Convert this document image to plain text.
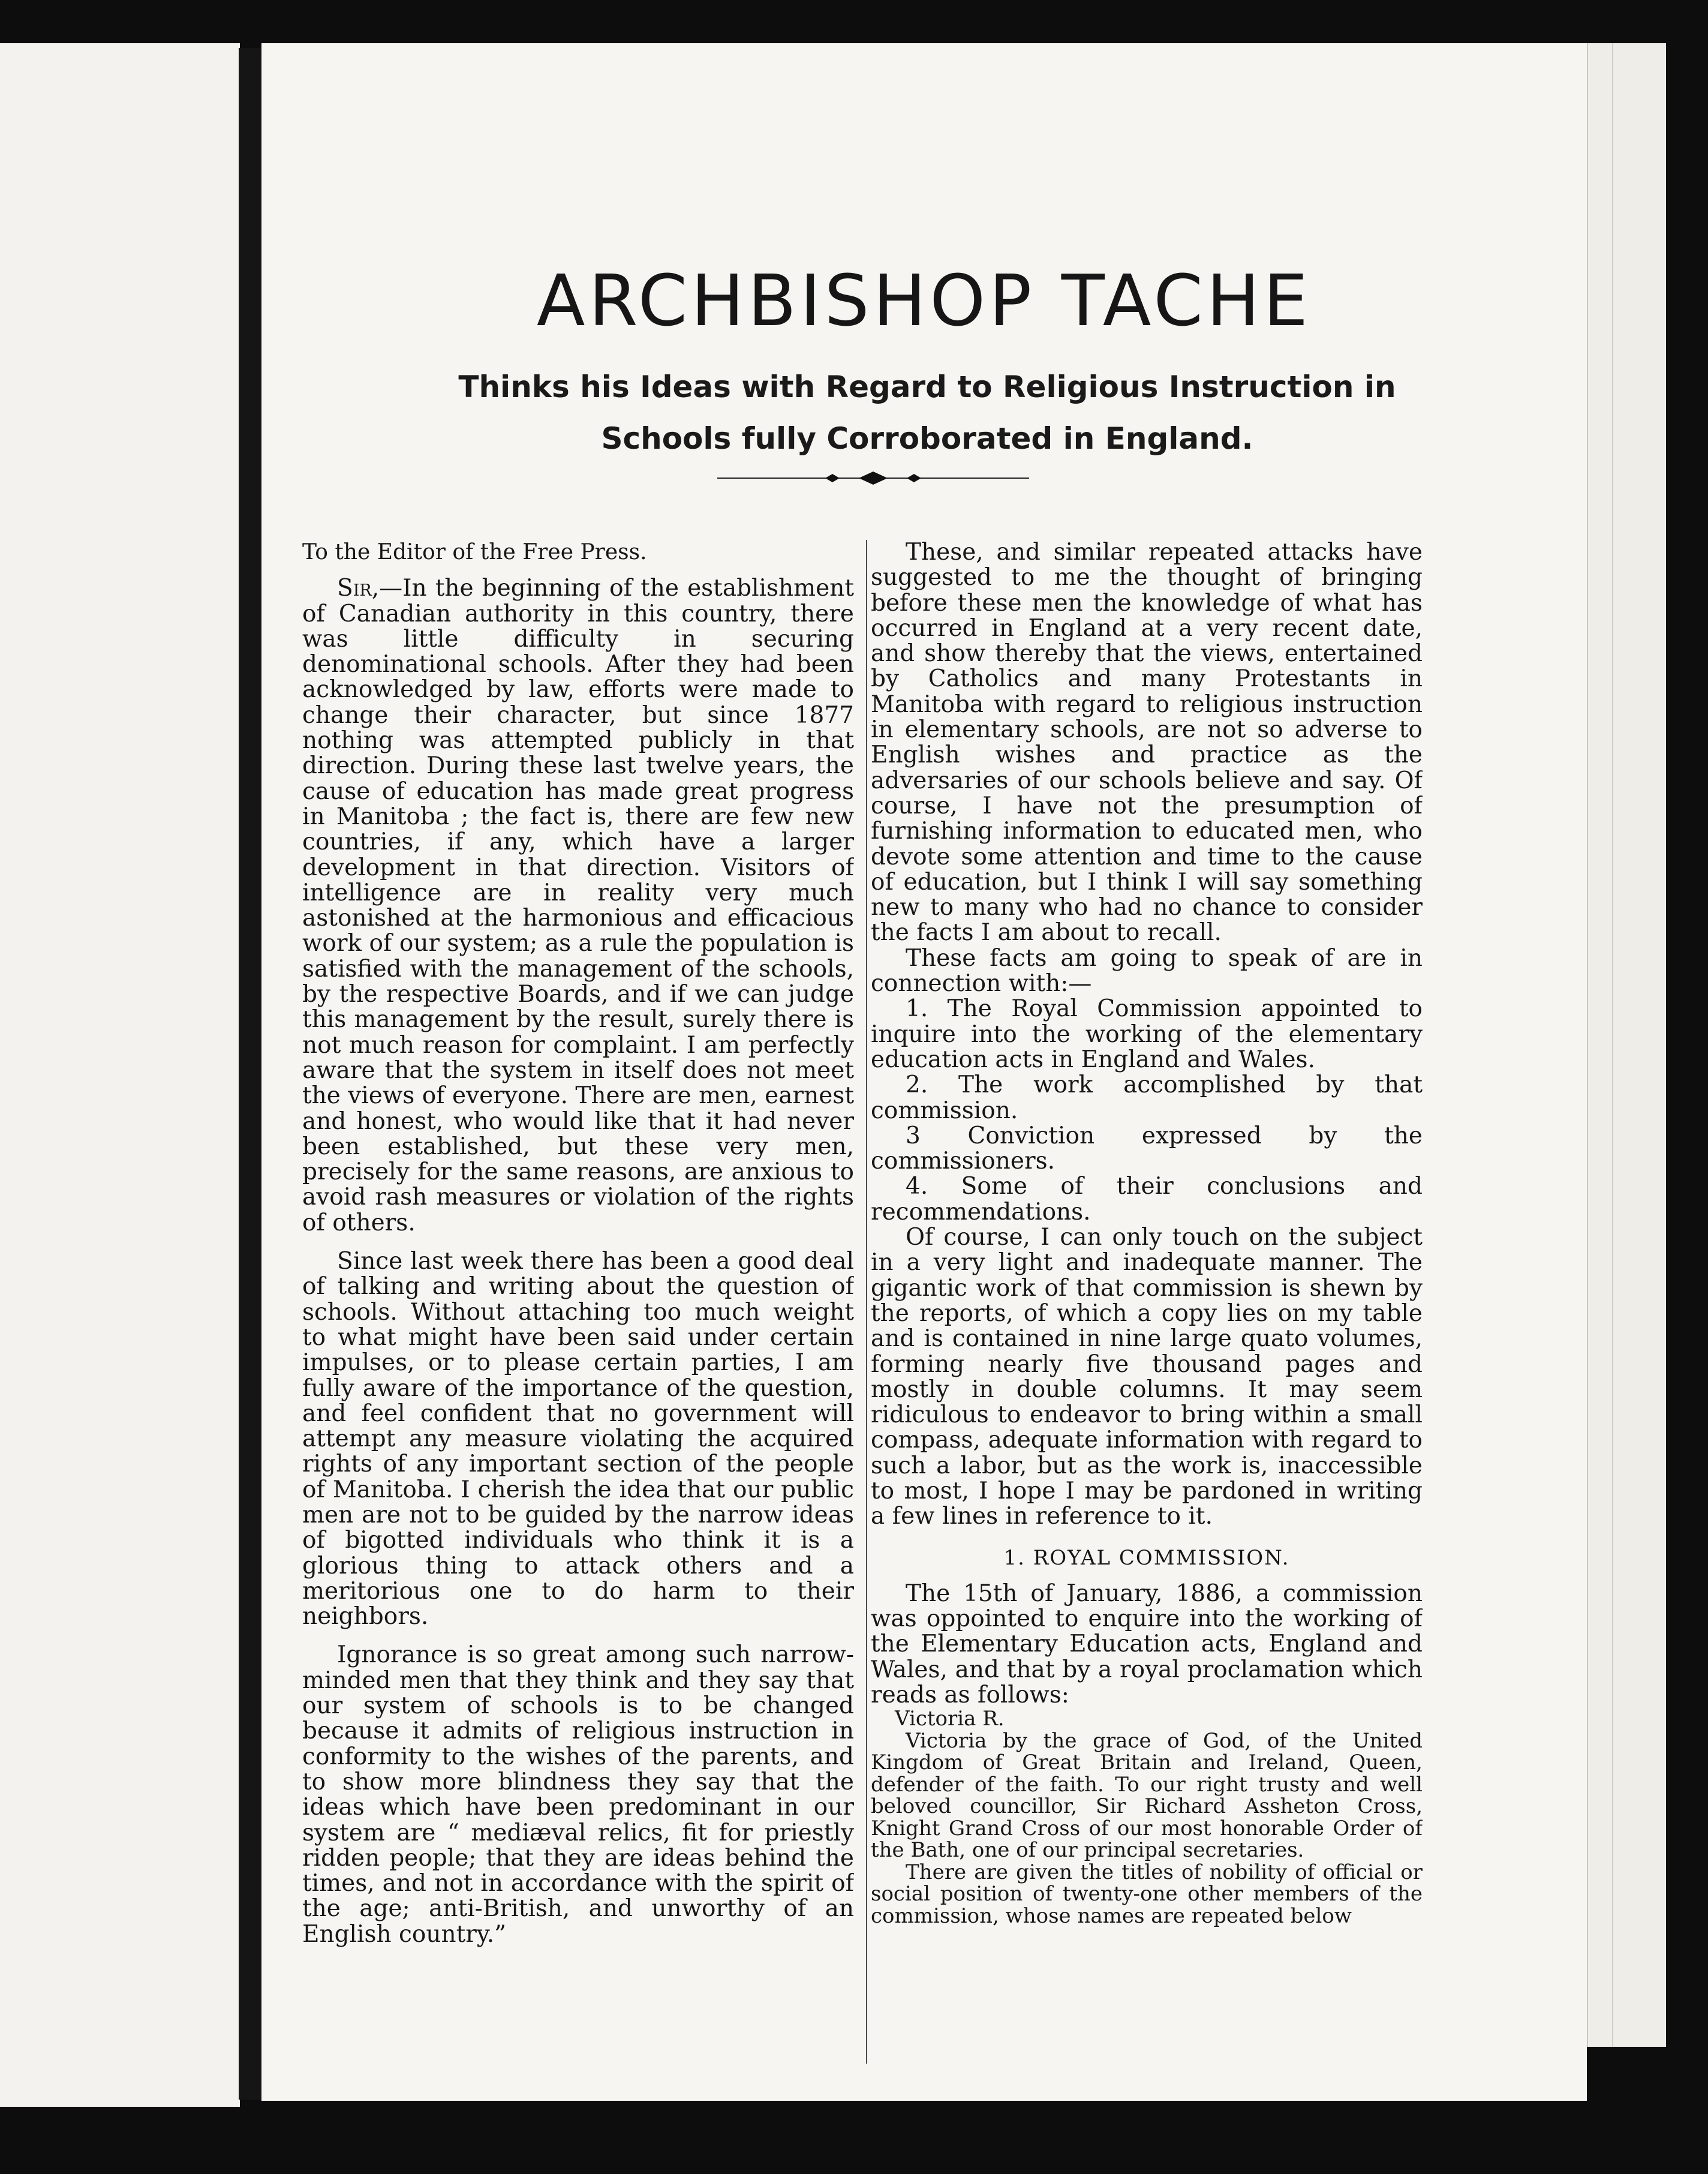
ARCHBISHOP TACHE
Thinks his Ideas with Regard to Religious Instruction in
Schools fully Corroborated in England.

To the Editor of the Free Press.

Sir,—In the beginning of the establishment of Canadian authority in this country, there was little difficulty in securing denominational schools. After they had been acknowledged by law, efforts were made to change their character, but since 1877 nothing was attempted publicly in that direction. During these last twelve years, the cause of education has made great progress in Manitoba ; the fact is, there are few new countries, if any, which have a larger development in that direction. Visitors of intelligence are in reality very much astonished at the harmonious and efficacious work of our system; as a rule the population is satisfied with the management of the schools, by the respective Boards, and if we can judge this management by the result, surely there is not much reason for complaint. I am perfectly aware that the system in itself does not meet the views of everyone. There are men, earnest and honest, who would like that it had never been established, but these very men, precisely for the same reasons, are anxious to avoid rash measures or violation of the rights of others.

Since last week there has been a good deal of talking and writing about the question of schools. Without attaching too much weight to what might have been said under certain impulses, or to please certain parties, I am fully aware of the importance of the question, and feel confident that no government will attempt any measure violating the acquired rights of any important section of the people of Manitoba. I cherish the idea that our public men are not to be guided by the narrow ideas of bigotted individuals who think it is a glorious thing to attack others and a meritorious one to do harm to their neighbors.

Ignorance is so great among such narrow-minded men that they think and they say that our system of schools is to be changed because it admits of religious instruction in conformity to the wishes of the parents, and to show more blindness they say that the ideas which have been predominant in our system are “ mediæval relics, fit for priestly ridden people; that they are ideas behind the times, and not in accordance with the spirit of the age; anti-British, and unworthy of an English country.”

These, and similar repeated attacks have suggested to me the thought of bringing before these men the knowledge of what has occurred in England at a very recent date, and show thereby that the views, entertained by Catholics and many Protestants in Manitoba with regard to religious instruction in elementary schools, are not so adverse to English wishes and practice as the adversaries of our schools believe and say. Of course, I have not the presumption of furnishing information to educated men, who devote some attention and time to the cause of education, but I think I will say something new to many who had no chance to consider the facts I am about to recall.

These facts am going to speak of are in connection with:—

1. The Royal Commission appointed to inquire into the working of the elementary education acts in England and Wales.

2. The work accomplished by that commission.

3 Conviction expressed by the commissioners.

4. Some of their conclusions and recommendations.

Of course, I can only touch on the subject in a very light and inadequate manner. The gigantic work of that commission is shewn by the reports, of which a copy lies on my table and is contained in nine large quato volumes, forming nearly five thousand pages and mostly in double columns. It may seem ridiculous to endeavor to bring within a small compass, adequate information with regard to such a labor, but as the work is, inaccessible to most, I hope I may be pardoned in writing a few lines in reference to it.

1. ROYAL COMMISSION.

The 15th of January, 1886, a commission was oppointed to enquire into the working of the Elementary Education acts, England and Wales, and that by a royal proclamation which reads as follows:

Victoria R.

Victoria by the grace of God, of the United Kingdom of Great Britain and Ireland, Queen, defender of the faith. To our right trusty and well beloved councillor, Sir Richard Assheton Cross, Knight Grand Cross of our most honorable Order of the Bath, one of our principal secretaries.

There are given the titles of nobility of official or social position of twenty-one other members of the commission, whose names are repeated below
